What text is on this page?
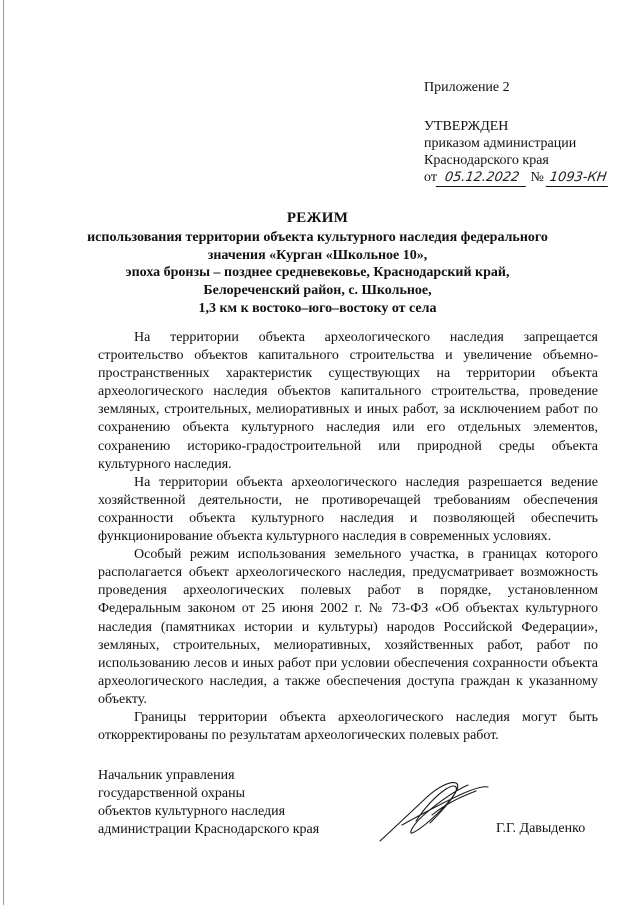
Приложение 2
УТВЕРЖДЕН
приказом администрации
Краснодарского края
от 05.12.2022 № 1093-КН
РЕЖИМ
использования территории объекта культурного наследия федерального
значения «Курган «Школьное 10»,
эпоха бронзы – позднее средневековье, Краснодарский край,
Белореченский район, с. Школьное,
1,3 км к востоко–юго–востоку от села

На территории объекта археологического наследия запрещается строительство объектов капитального строительства и увеличение объемно-пространственных характеристик существующих на территории объекта археологического наследия объектов капитального строительства, проведение земляных, строительных, мелиоративных и иных работ, за исключением работ по сохранению объекта культурного наследия или его отдельных элементов, сохранению историко-градостроительной или природной среды объекта культурного наследия.

На территории объекта археологического наследия разрешается ведение хозяйственной деятельности, не противоречащей требованиям обеспечения сохранности объекта культурного наследия и позволяющей обеспечить функционирование объекта культурного наследия в современных условиях.

Особый режим использования земельного участка, в границах которого располагается объект археологического наследия, предусматривает возможность проведения археологических полевых работ в порядке, установленном Федеральным законом от 25 июня 2002 г. № 73-ФЗ «Об объектах культурного наследия (памятниках истории и культуры) народов Российской Федерации», земляных, строительных, мелиоративных, хозяйственных работ, работ по использованию лесов и иных работ при условии обеспечения сохранности объекта археологического наследия, а также обеспечения доступа граждан к указанному объекту.

Границы территории объекта археологического наследия могут быть откорректированы по результатам археологических полевых работ.

Начальник управления
государственной охраны
объектов культурного наследия
администрации Краснодарского края	Г.Г. Давыденко
